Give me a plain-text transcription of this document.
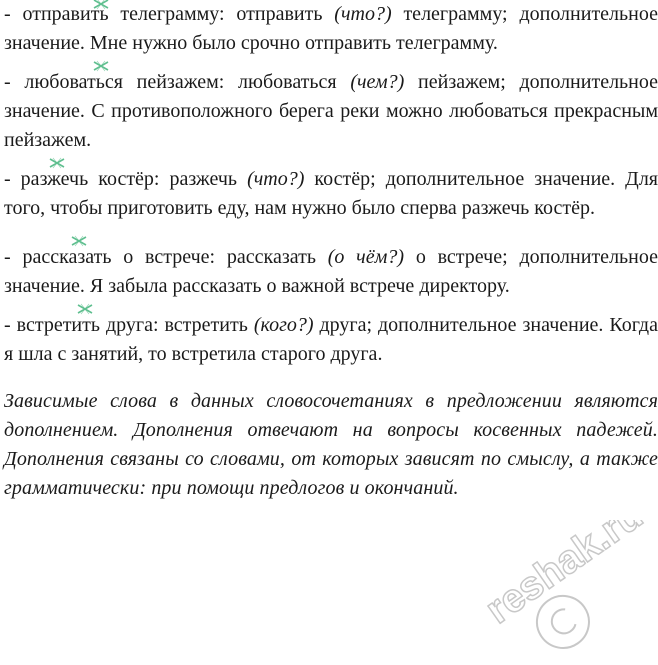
- отправить телеграмму: отправить (что?) телеграмму; дополнительное значение. Мне нужно было срочно отправить телеграмму.

- любоваться пейзажем: любоваться (чем?) пейзажем; дополнительное значение. С противоположного берега реки можно любоваться прекрасным пейзажем.

- разжечь костёр: разжечь (что?) костёр; дополнительное значение. Для того, чтобы приготовить еду, нам нужно было сперва разжечь костёр.

- рассказать о встрече: рассказать (о чём?) о встрече; дополнительное значение. Я забыла рассказать о важной встрече директору.

- встретить друга: встретить (кого?) друга; дополнительное значение. Когда я шла с занятий, то встретила старого друга.

Зависимые слова в данных словосочетаниях в предложении являются дополнением. Дополнения отвечают на вопросы косвенных падежей. Дополнения связаны со словами, от которых зависят по смыслу, а также грамматически: при помощи предлогов и окончаний.

reshak.ru
